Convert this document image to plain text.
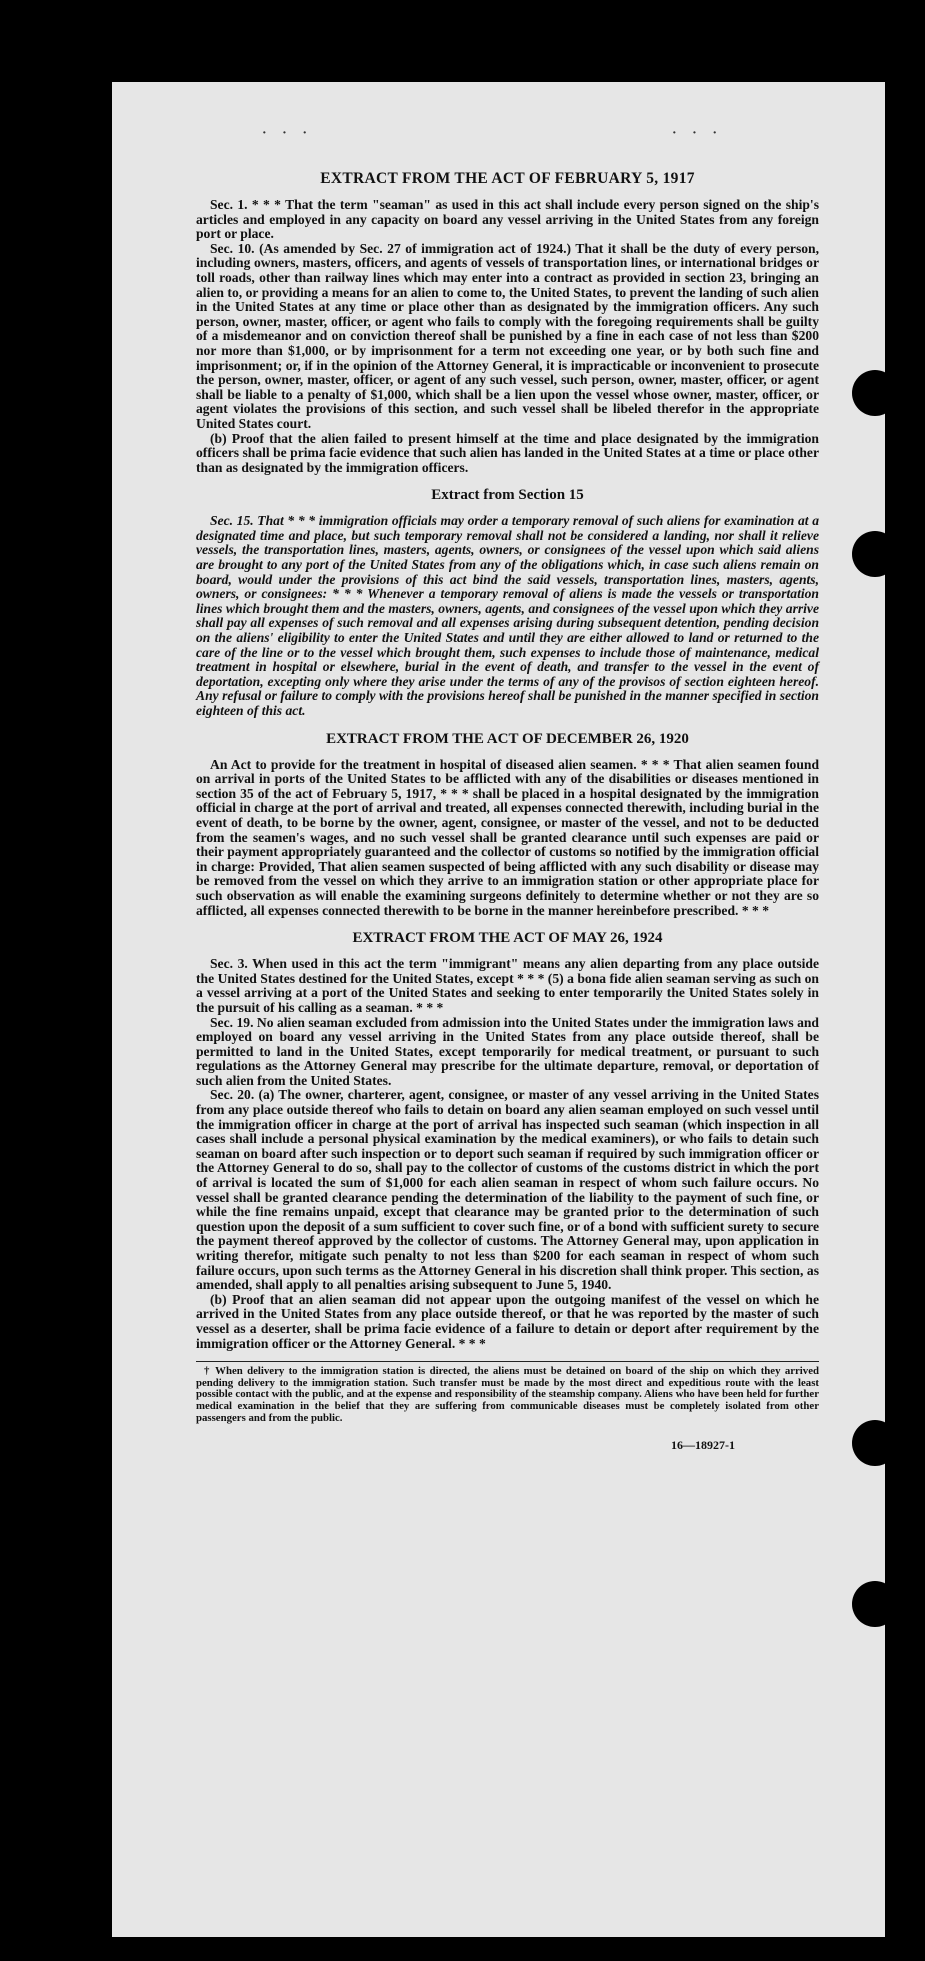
· · ·	· · ·
EXTRACT FROM THE ACT OF FEBRUARY 5, 1917

Sec. 1. * * * That the term "seaman" as used in this act shall include every person signed on the ship's articles and employed in any capacity on board any vessel arriving in the United States from any foreign port or place.

Sec. 10. (As amended by Sec. 27 of immigration act of 1924.) That it shall be the duty of every person, including owners, masters, officers, and agents of vessels of transportation lines, or international bridges or toll roads, other than railway lines which may enter into a contract as provided in section 23, bringing an alien to, or providing a means for an alien to come to, the United States, to prevent the landing of such alien in the United States at any time or place other than as designated by the immigration officers. Any such person, owner, master, officer, or agent who fails to comply with the foregoing requirements shall be guilty of a misdemeanor and on conviction thereof shall be punished by a fine in each case of not less than $200 nor more than $1,000, or by imprisonment for a term not exceeding one year, or by both such fine and imprisonment; or, if in the opinion of the Attorney General, it is impracticable or inconvenient to prosecute the person, owner, master, officer, or agent of any such vessel, such person, owner, master, officer, or agent shall be liable to a penalty of $1,000, which shall be a lien upon the vessel whose owner, master, officer, or agent violates the provisions of this section, and such vessel shall be libeled therefor in the appropriate United States court.

(b) Proof that the alien failed to present himself at the time and place designated by the immigration officers shall be prima facie evidence that such alien has landed in the United States at a time or place other than as designated by the immigration officers.

Extract from Section 15

Sec. 15. That * * * immigration officials may order a temporary removal of such aliens for examination at a designated time and place, but such temporary removal shall not be considered a landing, nor shall it relieve vessels, the transportation lines, masters, agents, owners, or consignees of the vessel upon which said aliens are brought to any port of the United States from any of the obligations which, in case such aliens remain on board, would under the provisions of this act bind the said vessels, transportation lines, masters, agents, owners, or consignees: * * * Whenever a temporary removal of aliens is made the vessels or transportation lines which brought them and the masters, owners, agents, and consignees of the vessel upon which they arrive shall pay all expenses of such removal and all expenses arising during subsequent detention, pending decision on the aliens' eligibility to enter the United States and until they are either allowed to land or returned to the care of the line or to the vessel which brought them, such expenses to include those of maintenance, medical treatment in hospital or elsewhere, burial in the event of death, and transfer to the vessel in the event of deportation, excepting only where they arise under the terms of any of the provisos of section eighteen hereof. Any refusal or failure to comply with the provisions hereof shall be punished in the manner specified in section eighteen of this act.

EXTRACT FROM THE ACT OF DECEMBER 26, 1920

An Act to provide for the treatment in hospital of diseased alien seamen. * * * That alien seamen found on arrival in ports of the United States to be afflicted with any of the disabilities or diseases mentioned in section 35 of the act of February 5, 1917, * * * shall be placed in a hospital designated by the immigration official in charge at the port of arrival and treated, all expenses connected therewith, including burial in the event of death, to be borne by the owner, agent, consignee, or master of the vessel, and not to be deducted from the seamen's wages, and no such vessel shall be granted clearance until such expenses are paid or their payment appropriately guaranteed and the collector of customs so notified by the immigration official in charge: Provided, That alien seamen suspected of being afflicted with any such disability or disease may be removed from the vessel on which they arrive to an immigration station or other appropriate place for such observation as will enable the examining surgeons definitely to determine whether or not they are so afflicted, all expenses connected therewith to be borne in the manner hereinbefore prescribed. * * *

EXTRACT FROM THE ACT OF MAY 26, 1924

Sec. 3. When used in this act the term "immigrant" means any alien departing from any place outside the United States destined for the United States, except * * * (5) a bona fide alien seaman serving as such on a vessel arriving at a port of the United States and seeking to enter temporarily the United States solely in the pursuit of his calling as a seaman. * * *

Sec. 19. No alien seaman excluded from admission into the United States under the immigration laws and employed on board any vessel arriving in the United States from any place outside thereof, shall be permitted to land in the United States, except temporarily for medical treatment, or pursuant to such regulations as the Attorney General may prescribe for the ultimate departure, removal, or deportation of such alien from the United States.

Sec. 20. (a) The owner, charterer, agent, consignee, or master of any vessel arriving in the United States from any place outside thereof who fails to detain on board any alien seaman employed on such vessel until the immigration officer in charge at the port of arrival has inspected such seaman (which inspection in all cases shall include a personal physical examination by the medical examiners), or who fails to detain such seaman on board after such inspection or to deport such seaman if required by such immigration officer or the Attorney General to do so, shall pay to the collector of customs of the customs district in which the port of arrival is located the sum of $1,000 for each alien seaman in respect of whom such failure occurs. No vessel shall be granted clearance pending the determination of the liability to the payment of such fine, or while the fine remains unpaid, except that clearance may be granted prior to the determination of such question upon the deposit of a sum sufficient to cover such fine, or of a bond with sufficient surety to secure the payment thereof approved by the collector of customs. The Attorney General may, upon application in writing therefor, mitigate such penalty to not less than $200 for each seaman in respect of whom such failure occurs, upon such terms as the Attorney General in his discretion shall think proper. This section, as amended, shall apply to all penalties arising subsequent to June 5, 1940.

(b) Proof that an alien seaman did not appear upon the outgoing manifest of the vessel on which he arrived in the United States from any place outside thereof, or that he was reported by the master of such vessel as a deserter, shall be prima facie evidence of a failure to detain or deport after requirement by the immigration officer or the Attorney General. * * *

† When delivery to the immigration station is directed, the aliens must be detained on board of the ship on which they arrived pending delivery to the immigration station. Such transfer must be made by the most direct and expeditious route with the least possible contact with the public, and at the expense and responsibility of the steamship company. Aliens who have been held for further medical examination in the belief that they are suffering from communicable diseases must be completely isolated from other passengers and from the public.

16—18927-1
